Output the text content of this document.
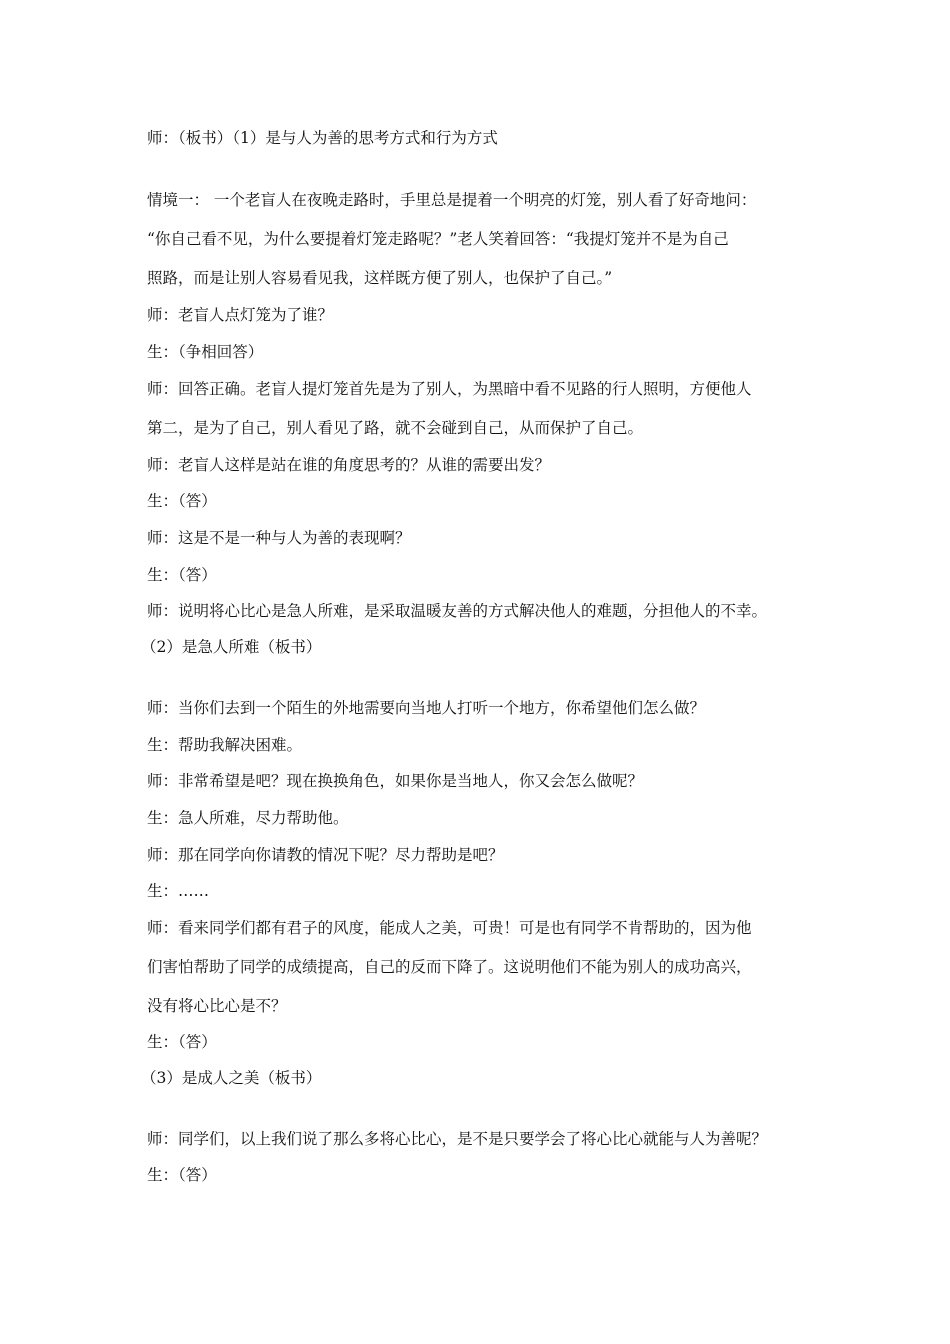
师：（板书）（1）是与人为善的思考方式和行为方式
情境一： 一个老盲人在夜晚走路时，手里总是提着一个明亮的灯笼，别人看了好奇地问：
“你自己看不见，为什么要提着灯笼走路呢？”老人笑着回答：“我提灯笼并不是为自己
照路，而是让别人容易看见我，这样既方便了别人，也保护了自己。”
师：老盲人点灯笼为了谁？
生：（争相回答）
师：回答正确。老盲人提灯笼首先是为了别人，为黑暗中看不见路的行人照明，方便他人
第二，是为了自己，别人看见了路，就不会碰到自己，从而保护了自己。
师：老盲人这样是站在谁的角度思考的？从谁的需要出发？
生：（答）
师：这是不是一种与人为善的表现啊？
生：（答）
师：说明将心比心是急人所难，是采取温暖友善的方式解决他人的难题，分担他人的不幸。
（2）是急人所难（板书）
师：当你们去到一个陌生的外地需要向当地人打听一个地方，你希望他们怎么做？
生：帮助我解决困难。
师：非常希望是吧？现在换换角色，如果你是当地人，你又会怎么做呢？
生：急人所难，尽力帮助他。
师：那在同学向你请教的情况下呢？尽力帮助是吧？
生：……
师：看来同学们都有君子的风度，能成人之美，可贵！可是也有同学不肯帮助的，因为他
们害怕帮助了同学的成绩提高，自己的反而下降了。这说明他们不能为别人的成功高兴，
没有将心比心是不？
生：（答）
（3）是成人之美（板书）
师：同学们，以上我们说了那么多将心比心，是不是只要学会了将心比心就能与人为善呢？
生：（答）
